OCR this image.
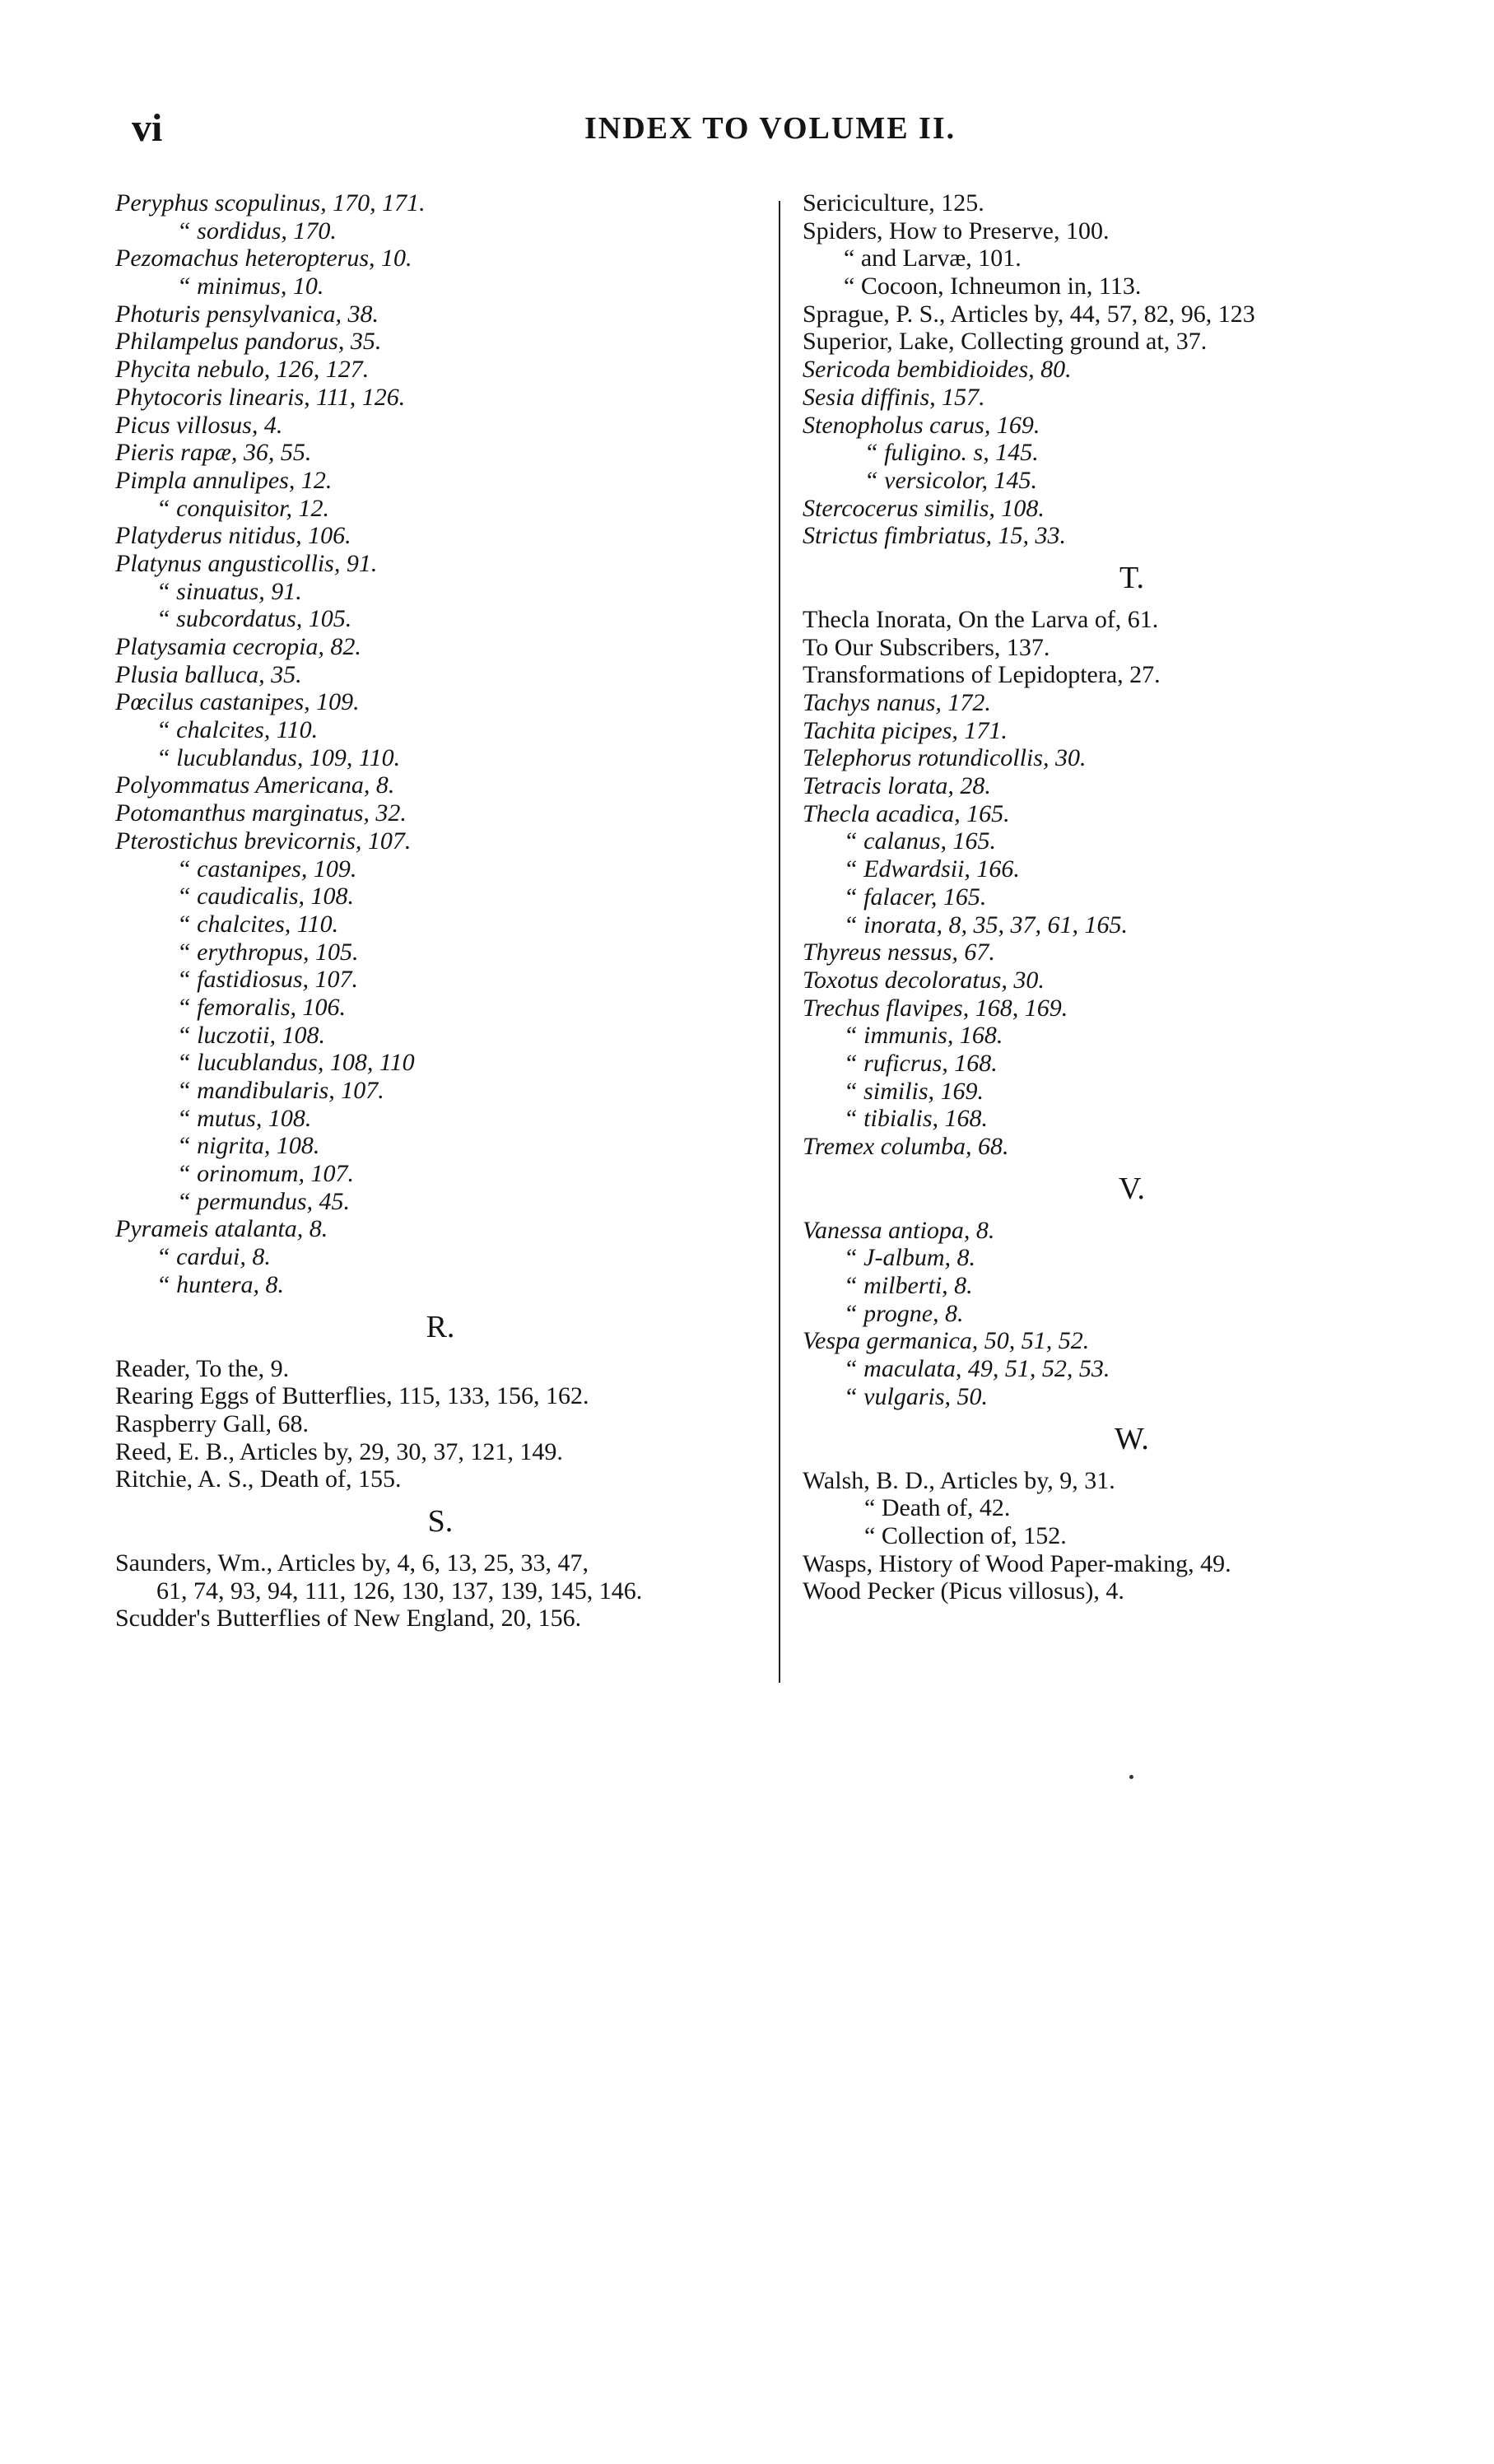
vi	INDEX TO VOLUME II.
Peryphus scopulinus, 170, 171.
“ sordidus, 170.
Pezomachus heteropterus, 10.
“ minimus, 10.
Photuris pensylvanica, 38.
Philampelus pandorus, 35.
Phycita nebulo, 126, 127.
Phytocoris linearis, 111, 126.
Picus villosus, 4.
Pieris rapæ, 36, 55.
Pimpla annulipes, 12.
“ conquisitor, 12.
Platyderus nitidus, 106.
Platynus angusticollis, 91.
“ sinuatus, 91.
“ subcordatus, 105.
Platysamia cecropia, 82.
Plusia balluca, 35.
Pœcilus castanipes, 109.
“ chalcites, 110.
“ lucublandus, 109, 110.
Polyommatus Americana, 8.
Potomanthus marginatus, 32.
Pterostichus brevicornis, 107.
“ castanipes, 109.
“ caudicalis, 108.
“ chalcites, 110.
“ erythropus, 105.
“ fastidiosus, 107.
“ femoralis, 106.
“ luczotii, 108.
“ lucublandus, 108, 110
“ mandibularis, 107.
“ mutus, 108.
“ nigrita, 108.
“ orinomum, 107.
“ permundus, 45.
Pyrameis atalanta, 8.
“ cardui, 8.
“ huntera, 8.
R.
Reader, To the, 9.
Rearing Eggs of Butterflies, 115, 133, 156, 162.
Raspberry Gall, 68.
Reed, E. B., Articles by, 29, 30, 37, 121, 149.
Ritchie, A. S., Death of, 155.
S.
Saunders, Wm., Articles by, 4, 6, 13, 25, 33, 47,
61, 74, 93, 94, 111, 126, 130, 137, 139, 145, 146.
Scudder's Butterflies of New England, 20, 156.
Sericiculture, 125.
Spiders, How to Preserve, 100.
“ and Larvæ, 101.
“ Cocoon, Ichneumon in, 113.
Sprague, P. S., Articles by, 44, 57, 82, 96, 123
Superior, Lake, Collecting ground at, 37.
Sericoda bembidioides, 80.
Sesia diffinis, 157.
Stenopholus carus, 169.
“ fuligino. s, 145.
“ versicolor, 145.
Stercocerus similis, 108.
Strictus fimbriatus, 15, 33.
T.
Thecla Inorata, On the Larva of, 61.
To Our Subscribers, 137.
Transformations of Lepidoptera, 27.
Tachys nanus, 172.
Tachita picipes, 171.
Telephorus rotundicollis, 30.
Tetracis lorata, 28.
Thecla acadica, 165.
“ calanus, 165.
“ Edwardsii, 166.
“ falacer, 165.
“ inorata, 8, 35, 37, 61, 165.
Thyreus nessus, 67.
Toxotus decoloratus, 30.
Trechus flavipes, 168, 169.
“ immunis, 168.
“ ruficrus, 168.
“ similis, 169.
“ tibialis, 168.
Tremex columba, 68.
V.
Vanessa antiopa, 8.
“ J-album, 8.
“ milberti, 8.
“ progne, 8.
Vespa germanica, 50, 51, 52.
“ maculata, 49, 51, 52, 53.
“ vulgaris, 50.
W.
Walsh, B. D., Articles by, 9, 31.
“ Death of, 42.
“ Collection of, 152.
Wasps, History of Wood Paper-making, 49.
Wood Pecker (Picus villosus), 4.
